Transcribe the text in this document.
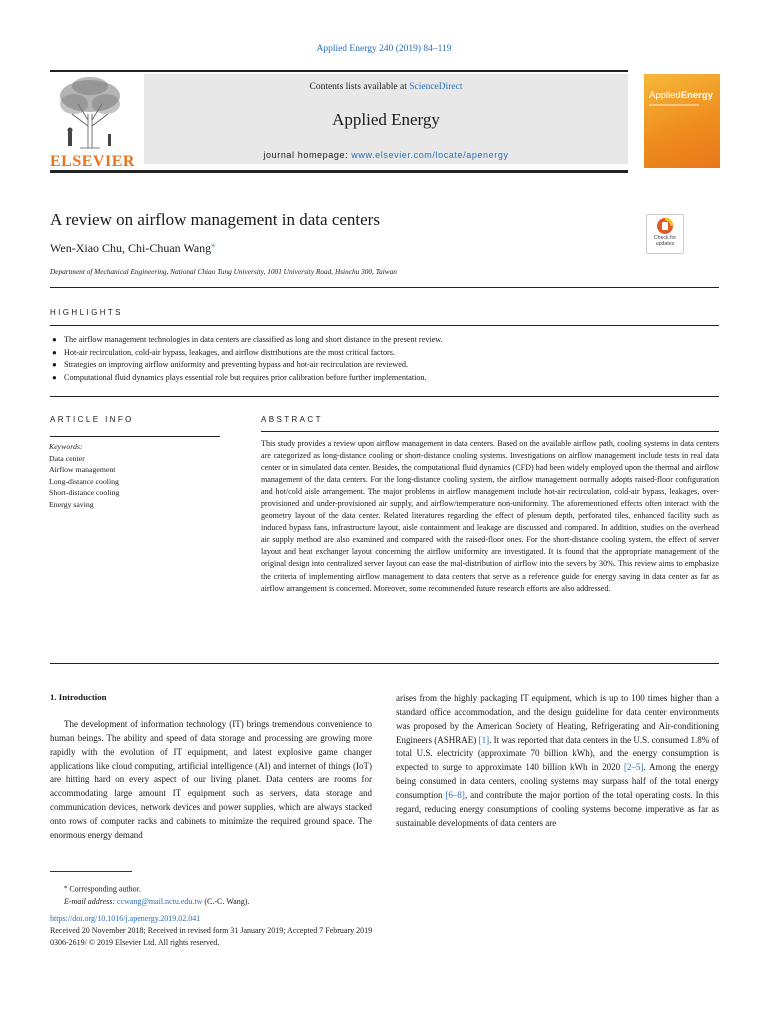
Applied Energy 240 (2019) 84–119
ELSEVIER
Contents lists available at ScienceDirect
Applied Energy
journal homepage: www.elsevier.com/locate/apenergy
AppliedEnergy
A review on airflow management in data centers
Wen-Xiao Chu, Chi-Chuan Wang⁎
Department of Mechanical Engineering, National Chiao Tung University, 1001 University Road, Hsinchu 300, Taiwan
Check for updates
HIGHLIGHTS
● The airflow management technologies in data centers are classified as long and short distance in the present review.
● Hot-air recirculation, cold-air bypass, leakages, and airflow distributions are the most critical factors.
● Strategies on improving airflow uniformity and preventing bypass and hot-air recirculation are reviewed.
● Computational fluid dynamics plays essential role but requires prior calibration before further implementation.
ARTICLE INFO
Keywords:
Data center
Airflow management
Long-distance cooling
Short-distance cooling
Energy saving
ABSTRACT
This study provides a review upon airflow management in data centers. Based on the available airflow path, cooling systems in data centers are categorized as long-distance cooling or short-distance cooling systems. Investigations on airflow management include tests in real data center or in simulated data center. Besides, the computational fluid dynamics (CFD) had been widely employed upon the thermal and airflow management of the data centers. For the long-distance cooling system, the airflow management normally adopts raised-floor configuration and hot/cold aisle arrangement. The major problems in airflow management include hot-air recirculation, cold-air bypass, leakages, over-provisioned and under-provisioned air supply, and airflow/temperature non-uniformity. The aforementioned effects often interact with the geometry layout of the data center. Related literatures regarding the effect of plenum depth, perforated tiles, enhanced facility such as induced bypass fans, infrastructure layout, aisle containment and leakage are discussed and compared. In addition, studies on the overhead air supply method are also examined and compared with the raised-floor ones. For the short-distance cooling system, the effect of server layout and heat exchanger layout concerning the airflow uniformity are investigated. It is found that the appropriate management of the original design into centralized server layout can ease the mal-distribution of airflow into the severs by 30%. This review aims to emphasize the criteria of implementing airflow management to data centers that serve as a reference guide for energy saving in data center as far as airflow arrangement is concerned. Moreover, some recommended future research efforts are also addressed.
1. Introduction
The development of information technology (IT) brings tremendous convenience to human beings. The ability and speed of data storage and processing are growing more rapidly with the evolution of IT equipment, and latest explosive game changer applications like cloud computing, artificial intelligence (AI) and internet of things (IoT) are hitting hard on every aspect of our living planet. Data centers are rooms for accommodating large amount IT equipment such as servers, data storage and communication devices, network devices and power supplies, which are always stacked onto rows of computer racks and cabinets to minimize the required ground space. The enormous energy demand
arises from the highly packaging IT equipment, which is up to 100 times higher than a standard office accommodation, and the design guideline for data center environments was proposed by the American Society of Heating, Refrigerating and Air-conditioning Engineers (ASHRAE) [1]. It was reported that data centers in the U.S. consumed 1.8% of total U.S. electricity (approximate 70 billion kWh), and the energy consumption is expected to surge to approximate 140 billion kWh in 2020 [2–5]. Among the energy being consumed in data centers, cooling systems may surpass half of the total energy consumption [6–8], and contribute the major portion of the total operating costs. In this regard, reducing energy consumptions of cooling systems become imperative as far as sustainable developments of data centers are
⁎ Corresponding author.
E-mail address: ccwang@mail.nctu.edu.tw (C.-C. Wang).
https://doi.org/10.1016/j.apenergy.2019.02.041
Received 20 November 2018; Received in revised form 31 January 2019; Accepted 7 February 2019
0306-2619/ © 2019 Elsevier Ltd. All rights reserved.
